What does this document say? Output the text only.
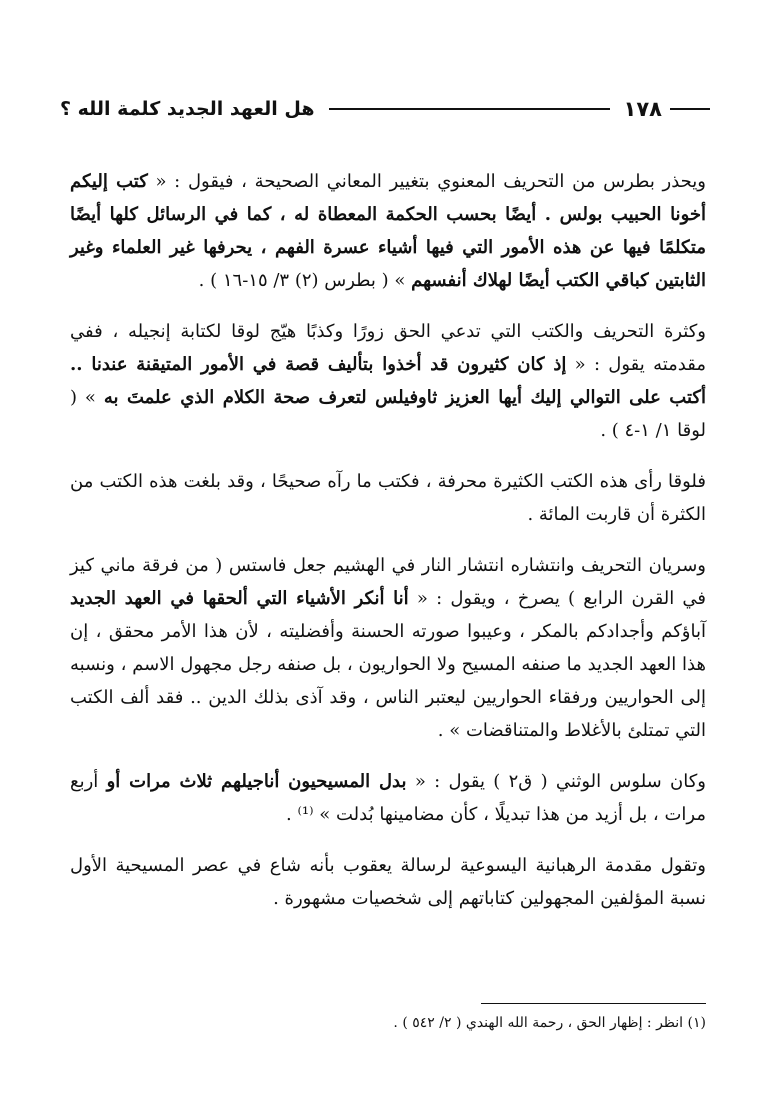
١٧٨
هل العهد الجديد كلمة الله ؟

ويحذر بطرس من التحريف المعنوي بتغيير المعاني الصحيحة ، فيقول : « كتب إليكم أخونا الحبيب بولس . أيضًا بحسب الحكمة المعطاة له ، كما في الرسائل كلها أيضًا متكلمًا فيها عن هذه الأمور التي فيها أشياء عسرة الفهم ، يحرفها غير العلماء وغير الثابتين كباقي الكتب أيضًا لهلاك أنفسهم » ( بطرس (٢) ٣/ ١٥-١٦ ) .

وكثرة التحريف والكتب التي تدعي الحق زورًا وكذبًا هيّج لوقا لكتابة إنجيله ، ففي مقدمته يقول : « إذ كان كثيرون قد أخذوا بتأليف قصة في الأمور المتيقنة عندنا .. أكتب على التوالي إليك أيها العزيز ثاوفيلس لتعرف صحة الكلام الذي علمتَ به » ( لوقا ١/ ١-٤ ) .

فلوقا رأى هذه الكتب الكثيرة محرفة ، فكتب ما رآه صحيحًا ، وقد بلغت هذه الكتب من الكثرة أن قاربت المائة .

وسريان التحريف وانتشاره انتشار النار في الهشيم جعل فاستس ( من فرقة ماني كيز في القرن الرابع ) يصرخ ، ويقول : « أنا أنكر الأشياء التي ألحقها في العهد الجديد آباؤكم وأجدادكم بالمكر ، وعيبوا صورته الحسنة وأفضليته ، لأن هذا الأمر محقق ، إن هذا العهد الجديد ما صنفه المسيح ولا الحواريون ، بل صنفه رجل مجهول الاسم ، ونسبه إلى الحواريين ورفقاء الحواريين ليعتبر الناس ، وقد آذى بذلك الدين .. فقد ألف الكتب التي تمتلئ بالأغلاط والمتناقضات » .

وكان سلوس الوثني ( ق٢ ) يقول : « بدل المسيحيون أناجيلهم ثلاث مرات أو أربع مرات ، بل أزيد من هذا تبديلًا ، كأن مضامينها بُدلت » ⁽¹⁾ .

وتقول مقدمة الرهبانية اليسوعية لرسالة يعقوب بأنه شاع في عصر المسيحية الأول نسبة المؤلفين المجهولين كتاباتهم إلى شخصيات مشهورة .

(١) انظر : إظهار الحق ، رحمة الله الهندي ( ٢/ ٥٤٢ ) .
